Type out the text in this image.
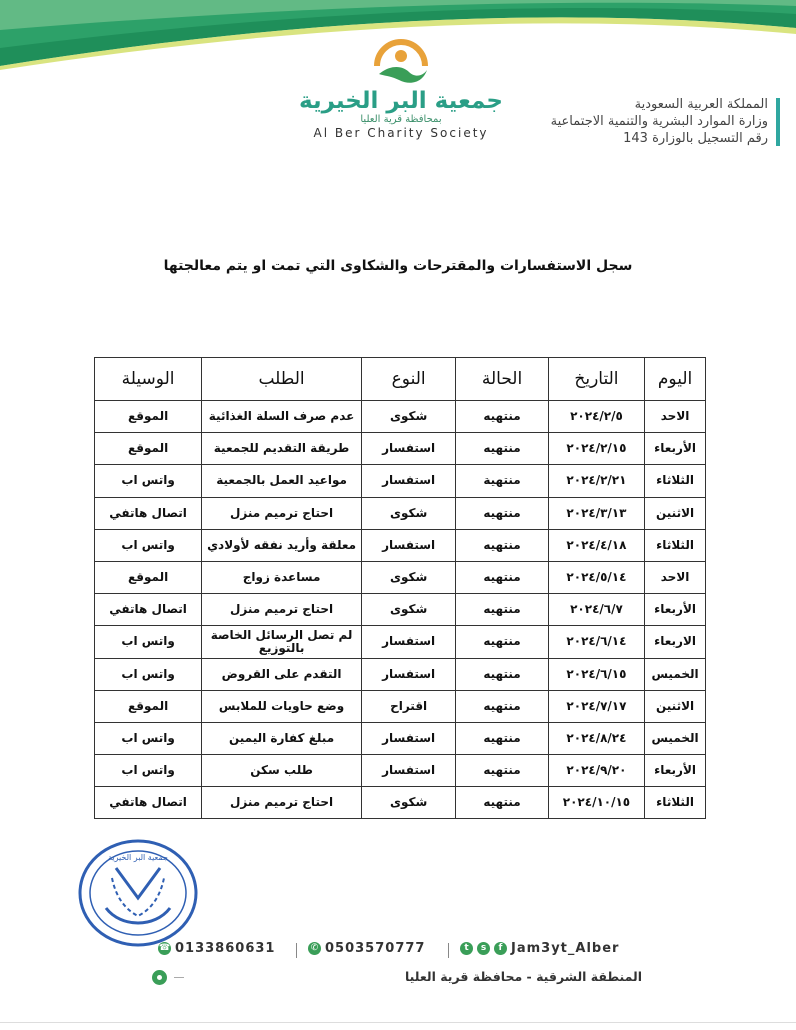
المملكة العربية السعودية
وزارة الموارد البشرية والتنمية الاجتماعية
رقم التسجيل بالوزارة 143
جمعية البر الخيرية
بمحافظة قرية العليا
Al Ber Charity Society
سجل الاستفسارات والمقترحات والشكاوى التي تمت او يتم معالجتها
اليوم	التاريخ	الحالة	النوع	الطلب	الوسيلة
الاحد	٢٠٢٤/٢/٥	منتهيه	شكوى	عدم صرف السلة الغذائية	الموقع
الأربعاء	٢٠٢٤/٢/١٥	منتهيه	استفسار	طريقة التقديم للجمعية	الموقع
الثلاثاء	٢٠٢٤/٢/٢١	منتهية	استفسار	مواعيد العمل بالجمعية	واتس اب
الاثنين	٢٠٢٤/٣/١٣	منتهيه	شكوى	احتاج ترميم منزل	اتصال هاتفي
الثلاثاء	٢٠٢٤/٤/١٨	منتهيه	استفسار	معلقة وأريد نفقه لأولادي	واتس اب
الاحد	٢٠٢٤/٥/١٤	منتهيه	شكوى	مساعدة زواج	الموقع
الأربعاء	٢٠٢٤/٦/٧	منتهيه	شكوى	احتاج ترميم منزل	اتصال هاتفي
الاربعاء	٢٠٢٤/٦/١٤	منتهيه	استفسار	لم تصل الرسائل الخاصة بالتوزيع	واتس اب
الخميس	٢٠٢٤/٦/١٥	منتهيه	استفسار	التقدم على القروض	واتس اب
الاثنين	٢٠٢٤/٧/١٧	منتهيه	اقتراح	وضع حاويات للملابس	الموقع
الخميس	٢٠٢٤/٨/٢٤	منتهيه	استفسار	مبلغ كفارة اليمين	واتس اب
الأربعاء	٢٠٢٤/٩/٢٠	منتهيه	استفسار	طلب سكن	واتس اب
الثلاثاء	٢٠٢٤/١٠/١٥	منتهيه	شكوى	احتاج ترميم منزل	اتصال هاتفي
جمعية البر الخيرية
☎ 0133860631	✆ 0503570777	t	s	f Jam3yt_Alber
المنطقة الشرقية - محافظة قرية العليا
